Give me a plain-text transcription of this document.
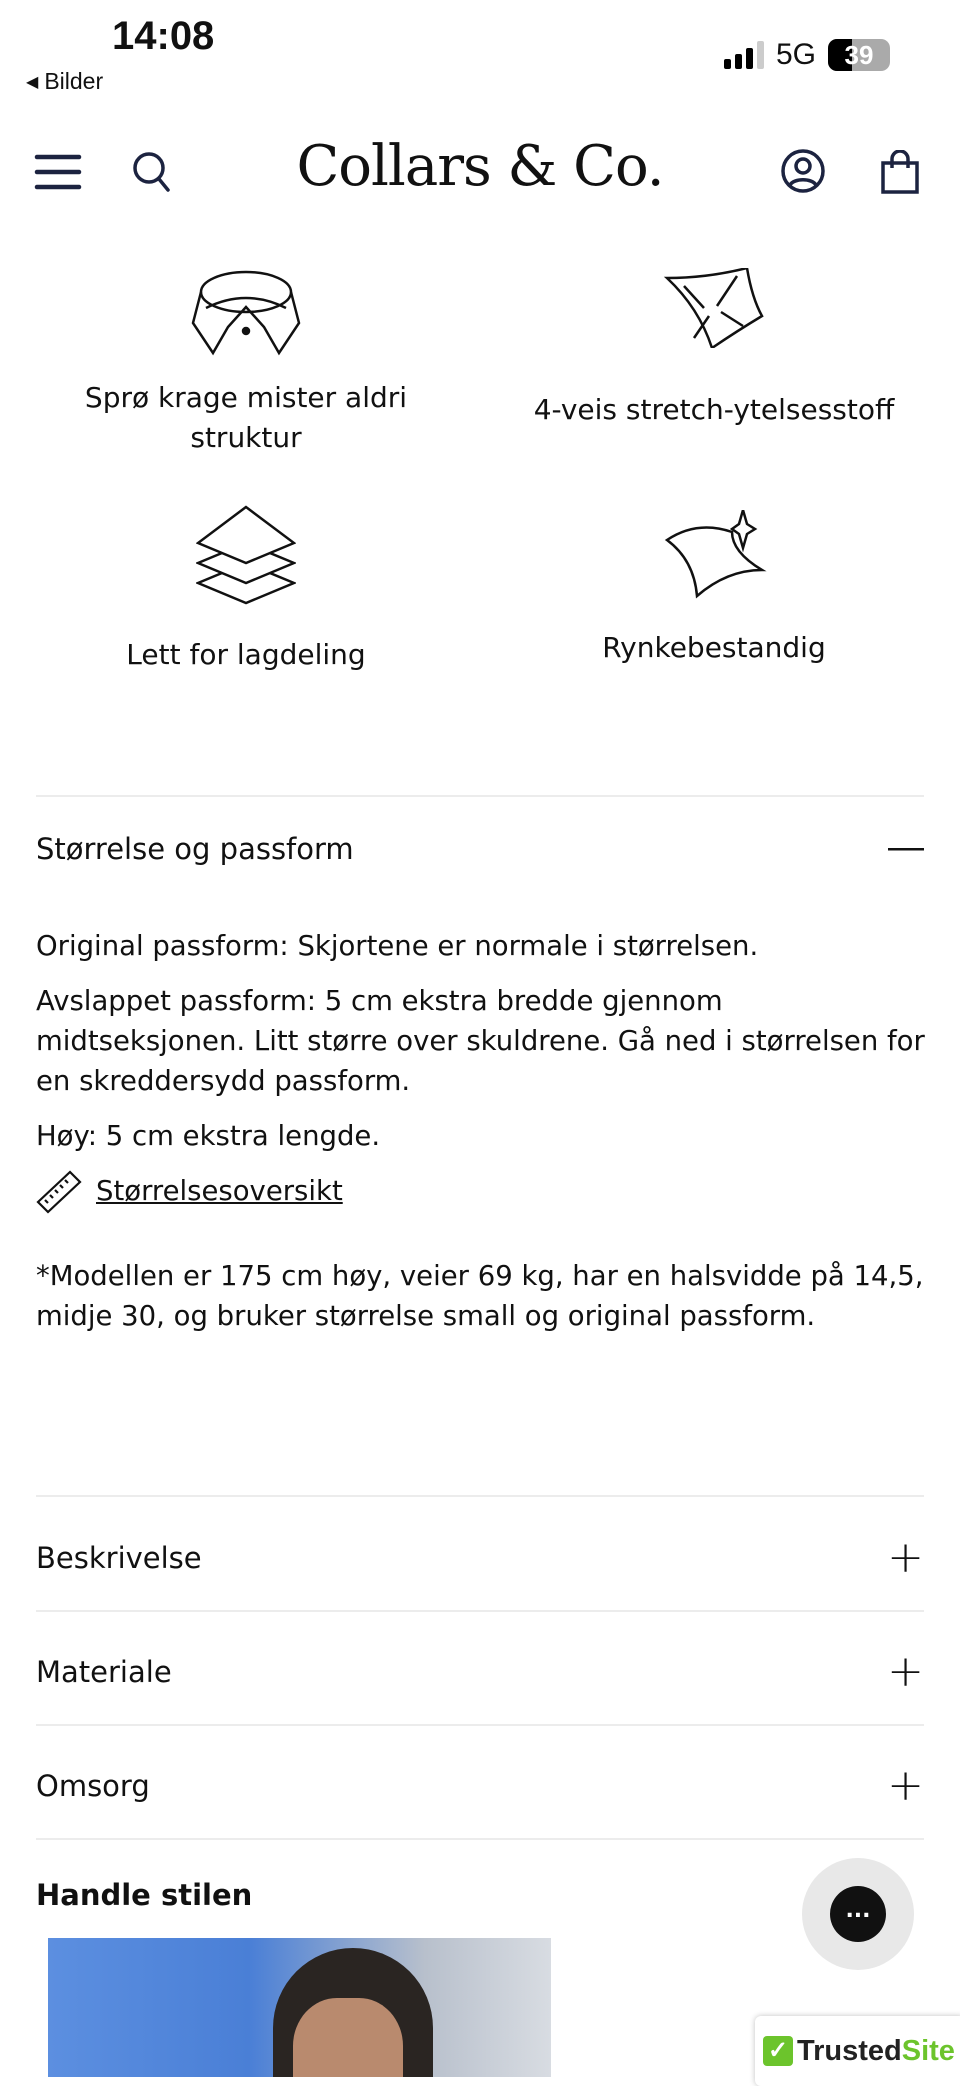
14:08
◀ Bilder
5G	39
Collars & Co.
Sprø krage mister aldri struktur
4-veis stretch-ytelsesstoff
Lett for lagdeling	Rynkebestandig
Størrelse og passform

Original passform: Skjortene er normale i størrelsen.

Avslappet passform: 5 cm ekstra bredde gjennom midtseksjonen. Litt større over skuldrene. Gå ned i størrelsen for en skreddersydd passform.

Høy: 5 cm ekstra lengde.

Størrelsesoversikt

*Modellen er 175 cm høy, veier 69 kg, har en halsvidde på 14,5, midje 30, og bruker størrelse small og original passform.

Beskrivelse	+
Materiale	+
Omsorg	+
Handle stilen	...
✓ TrustedSite
